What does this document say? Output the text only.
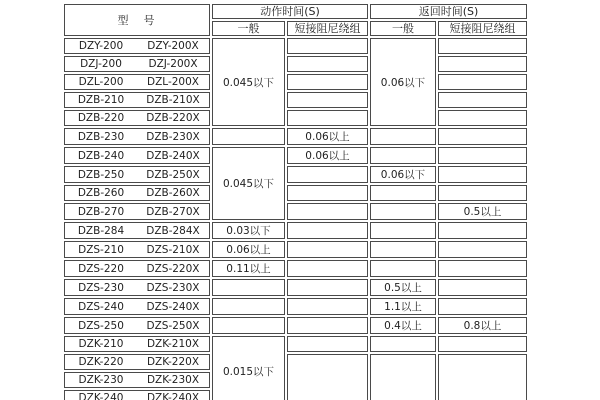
型　号	动作时间(S)		返回时间(S)	
	一般	短接阻尼绕组	一般	短接阻尼绕组
DZY-200 DZY-200X	0.045以下		0.06以下	
DZJ-200 DZJ-200X				
DZL-200 DZL-200X				
DZB-210 DZB-210X				
DZB-220 DZB-220X				
DZB-230 DZB-230X		0.06以上		
DZB-240 DZB-240X	0.045以下	0.06以上		
DZB-250 DZB-250X			0.06以下	
DZB-260 DZB-260X				
DZB-270 DZB-270X				0.5以上
DZB-284 DZB-284X	0.03以下			
DZS-210 DZS-210X	0.06以上			
DZS-220 DZS-220X	0.11以上			
DZS-230 DZS-230X			0.5以上	
DZS-240 DZS-240X			1.1以上	
DZS-250 DZS-250X			0.4以上	0.8以上
DZK-210 DZK-210X	0.015以下			
DZK-220 DZK-220X				
DZK-230 DZK-230X				
DZK-240 DZK-240X				
